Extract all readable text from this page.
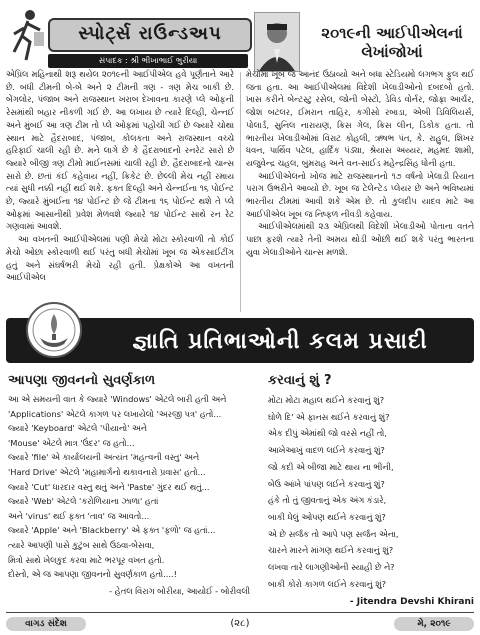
સ્પોર્ટ્સ રાઉન્ડઅપ
સંપાદક : શ્રી ભીખાભાઈ ભુરીયા
૨૦૧૯ની આઈપીએલનાં લેખાંજોખાં

એપ્રિલ મહિનાથી શરૂ થયેલ ૨૦૧૯ની આઈપીએલ હવે પૂર્ણતાને આરે છે. બધી ટીમની બે-બે અને ૨ ટીમની ત્રણ - ત્રણ મેચ બાકી છે. બેંગલોર, પંજાબ અને રાજસ્થાન ખરાબ દેખાવના કારણે પ્લે ઓફની રેસમાંથી બહાર નીકળી ગઈ છે. આ લખાય છે ત્યારે દિલ્હી, ચેન્નઈ અને મુંબઈ આ ત્રણ ટીમ તો પ્લે ઓફમાં પહોંચી ગઈ છે જ્યારે ચોથા સ્થાન માટે હૈદરાબાદ, પંજાબ, કોલકતા અને રાજસ્થાન વચ્ચે હરિફાઈ ચાલી રહી છે. મને લાગે છે કે હૈદરાબાદનો રનરેટ સારો છે જ્યારે બીજી ત્રણ ટીમો માઈનસમાં ચાલી રહી છે. હૈદરાબાદનો ચાન્સ સારો છે. છતાં કંઈ કહેવાય નહીં, ક્રિકેટ છે. છેલ્લી મેચ નહીં રમાય ત્યાં સુધી નક્કી નહીં થઈ શકે. ફક્ત દિલ્હી અને ચેન્નઈના ૧૬ પોઈન્ટ છે, જ્યારે મુંબઈના ૧૪ પોઈન્ટ છે જે ટીમના ૧૬ પોઈન્ટ થશે તે પ્લે ઓફમાં આસાનીથી પ્રવેશ મેળવશે જ્યારે ૧૪ પોઈન્ટ સાથે રન રેટ ગણવામાં આવશે.

આ વખતની આઈપીએલમાં પણી મેચો મોટા સ્કોરવાળી તો કોઈ મેચો ઓછા સ્કોરવાળી થઈ પરંતુ બધી મેચોમાં ખૂબ જ એકસાઈટીંગ હતું અને સંઘર્ષભરી મેચો રહી હતી. પ્રેક્ષકોએ આ વખતની આઈપીએલ

મેચોમાં ખૂબ જ આનંદ ઉઠાવ્યો અને બધા સ્ટેડિયમો લગભગ ફુલ થઈ જતા હતા. આ આઈપીએલમાં વિદેશી ખેલાડીઓનો દબદબો હતો. ખાસ કરીને બેન્ટસ્ટુ રસેલ, જોની બેસ્ટો, ડેવિડ વોર્નર, જોફ્રા આર્ચર, જોશ બટલર, ઈમરાન તાહિર, કગીસો રબાડા, એબી ડિવિલિયર્સ, પોલાર્ડ, સુનિલ નારાયણ, ક્રિસ ગેલ, ક્રિસ લીન, ડિકોક હતા. તો ભારતીય ખેલાડીઓમાં વિરાટ કોહલી, ઋષભ પંત, કે. રાહુલ, શિખર ધવન, પાર્થિવ પટેલ, હાર્દિક પંડ્યા, શ્રેયાસ અય્યર, મહમદ શામી, યજુવેન્દ્ર ચહલ, બુમરાહ અને વન-સાઈડ મહેન્દ્રસિંહ ધોની હતા.

આઈપીએલનો ખોજ માટે રાજસ્થાનનો ૧૭ વર્ષનો ખેલાડી રિયાન પરાગ ઉભરીને આવ્યો છે. ખૂબ જ ટેલેન્ટેડ પ્લેયર છે અને ભવિષ્યમાં ભારતીય ટીમમાં આવી શકે એમ છે. તો કુલદીપ યાદવ માટે આ આઈપીએલ ખૂબ જ નિષ્ફળ નીવડી કહેવાય.

આઈપીએલમાંથી ૨૩ એપ્રિલથી વિદેશી ખેલાડીઓ પોતાના વતને પાછા ફરશે ત્યારે તેની અમય થોડી ઓછી થઈ શકે પરંતુ ભારતના યુવા ખેલાડીઓને ચાન્સ મળશે.

જ્ઞાતિ પ્રતિભાઓની કલમ પ્રસાદી
આપણા જીવનનો સુવર્ણકાળ
આ એ સમયની વાત કે જ્યારે 'Windows' એટલે બારી હતી અને
'Applications' એટલે કાગળ પર લખાયેલો 'અરજી પત્ર' હતો...
જ્યારે 'Keyboard' એટલે 'પીયાનો' અને
'Mouse' એટલે માત્ર 'ઉંદર' જ હતો...
જ્યારે 'file' એ કાર્યાલયની અત્યંત 'મહત્વની વસ્તુ' અને
'Hard Drive' એટલે 'મહામાર્ગનો થકાવનારો પ્રવાસ' હતો...
જ્યારે 'Cut' ધારદાર વસ્તુ થતું અને 'Paste' ગુંદર થઈ થતું...
જ્યારે 'Web' એટલે 'કરોળિયાના ઝાળા' હતાં
અને 'virus' થઈ ફક્ત 'તાવ' જ આવતો...
જ્યારે 'Apple' અને 'Blackberry' એ ફક્ત 'ફળો' જ હતાં...
ત્યારે આપણી પાસે કુટુંબ સાથે ઉઠવા-બેસવા,
મિત્રો સાથે ખેલકુદ કરવા માટે ભરપૂર વખત હતો.
દોસ્તો, એ જ આપણા જીવનનો સુવર્ણકાળ હતો....!
- હેતલ વિરાગ બોરીયા, આયોઈ - બોરીવલી
કરવાનું શું ?
મોટા મોટા મહાલ થઈને કરવાનું શું?
ઘોળે દિ' એ ફાનસ થઈને કરવાનું શું?
એક દીપું એમાંથી જો વરસે નહીં તો,
આખેઆખું વાદળ લઈને કરવાનું શું?
જો કદી એ બીજા માટે થાય ના ભીની,
બેઉ આંખે પાંપણ લઈને કરવાનું શું?
હંકે તો તું જીવતાનું એક અંગ કંડારે,
બાકી ધેલું ઓપણ થઈને કરવાનું શું?
એ છે સર્જક તો આપે પણ સર્જન એના,
ચારને મારને માંગણ થઈને કરવાનું શું?
લખવા તારે લાગણીઓની સ્યાહી છે ને?
બાકી કોરો કાગળ લઈને કરવાનું શું?
- Jitendra Devshi Khirani
વાગડ સંદેશ	(૨૮)	મે, ૨૦૧૯
